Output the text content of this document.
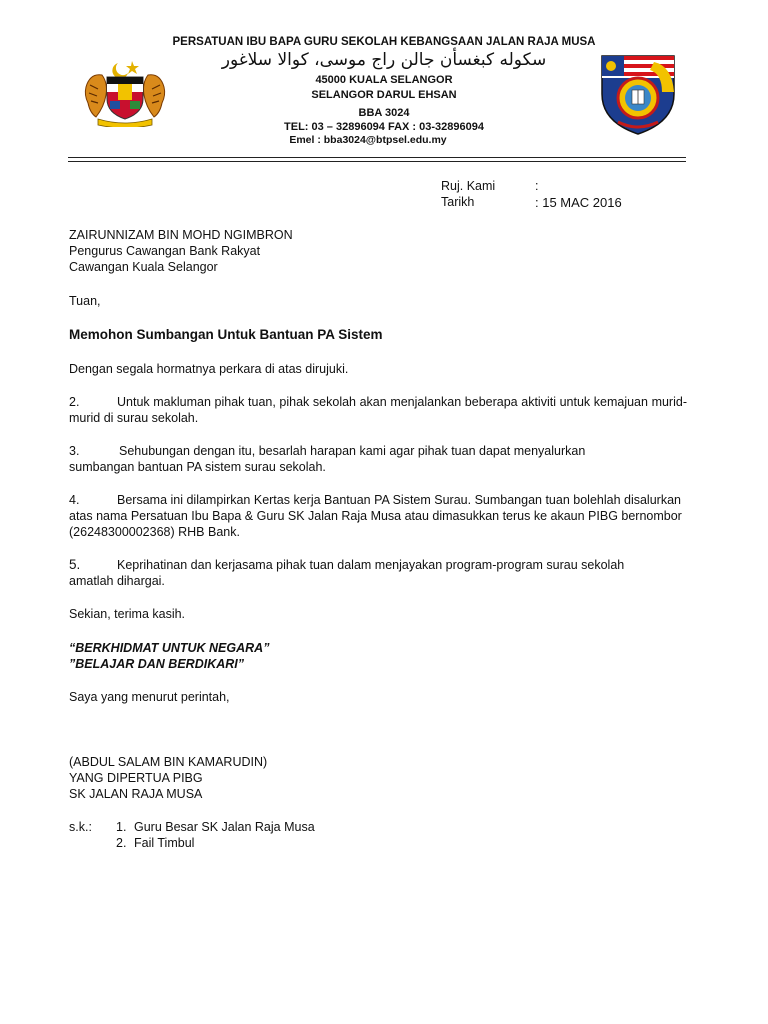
PERSATUAN IBU BAPA GURU SEKOLAH KEBANGSAAN JALAN RAJA MUSA
سكوله كبغسأن جالن راج موسى، كوالا سلاغور
45000 KUALA SELANGOR
SELANGOR DARUL EHSAN
BBA 3024
TEL: 03 – 32896094 FAX : 03-32896094
Emel : bba3024@btpsel.edu.my
Ruj. Kami	:
Tarikh	: 15 MAC 2016
ZAIRUNNIZAM BIN MOHD NGIMBRON
Pengurus Cawangan Bank Rakyat
Cawangan Kuala Selangor
Tuan,
Memohon Sumbangan Untuk Bantuan PA Sistem
Dengan segala hormatnya perkara di atas dirujuki.
2.	Untuk makluman pihak tuan, pihak sekolah akan menjalankan beberapa aktiviti untuk kemajuan murid-murid di surau sekolah.
3.	Sehubungan dengan itu, besarlah harapan kami agar pihak tuan dapat menyalurkan
sumbangan bantuan PA sistem surau sekolah.
4.	Bersama ini dilampirkan Kertas kerja Bantuan PA Sistem Surau. Sumbangan tuan bolehlah disalurkan atas nama Persatuan Ibu Bapa & Guru SK Jalan Raja Musa atau dimasukkan terus ke akaun PIBG bernombor (26248300002368) RHB Bank.
5.	Keprihatinan dan kerjasama pihak tuan dalam menjayakan program-program surau sekolah
amatlah dihargai.
Sekian, terima kasih.
“BERKHIDMAT UNTUK NEGARA”
”BELAJAR DAN BERDIKARI”
Saya yang menurut perintah,
(ABDUL SALAM BIN KAMARUDIN)
YANG DIPERTUA PIBG
SK JALAN RAJA MUSA
s.k.: 1. Guru Besar SK Jalan Raja Musa
2. Fail Timbul
